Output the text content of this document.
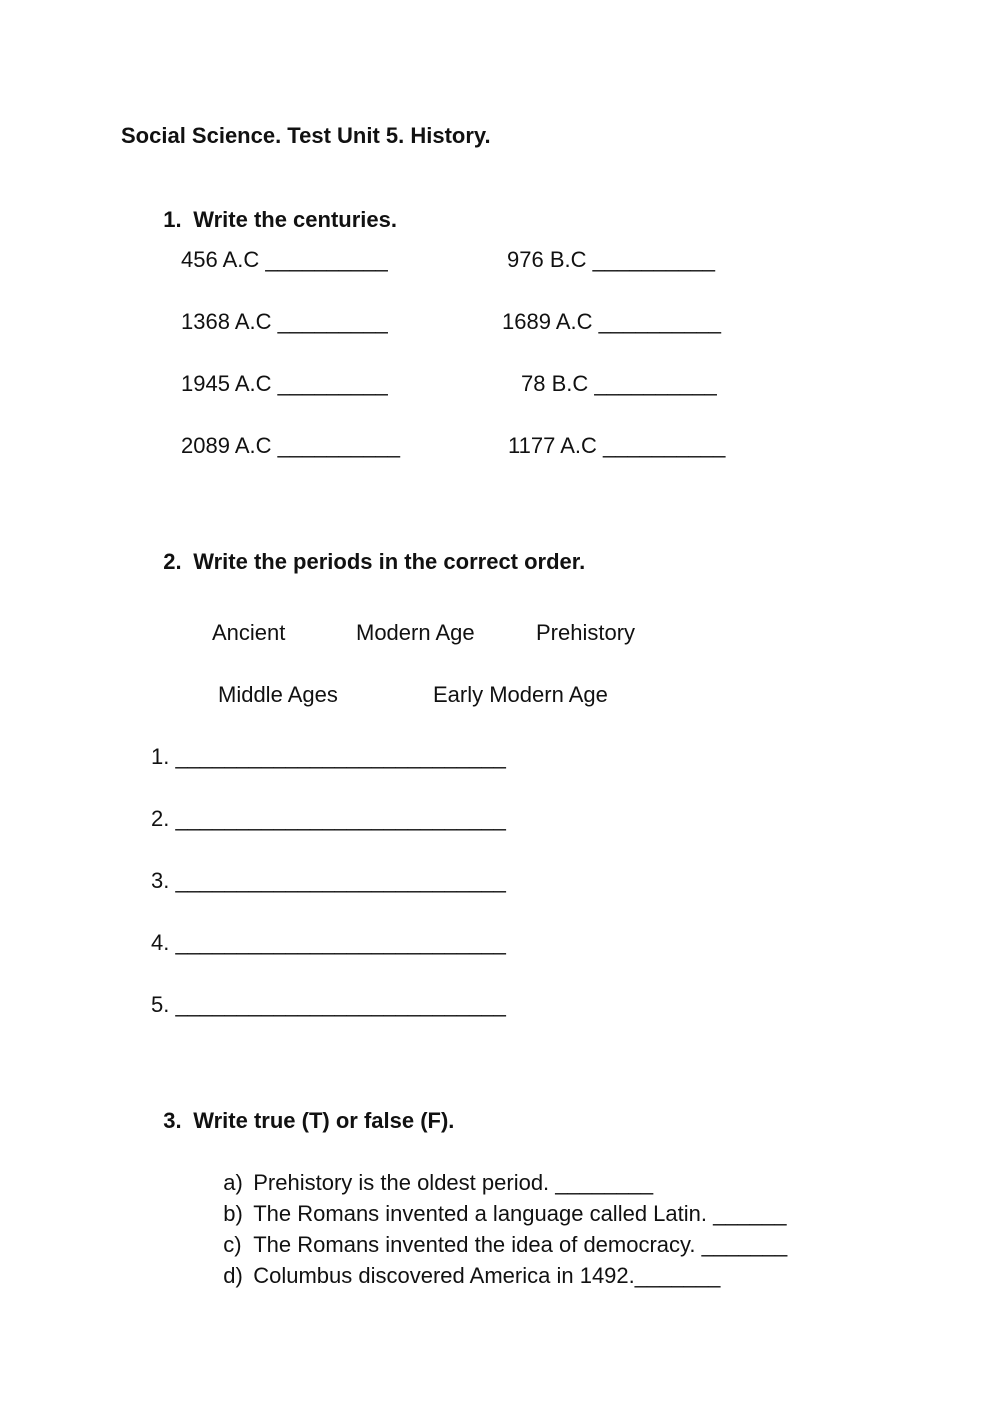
Social Science. Test Unit 5. History.

1. Write the centuries.

456 A.C __________	976 B.C __________
1368 A.C _________	1689 A.C __________
1945 A.C _________	78 B.C __________
2089 A.C __________	1177 A.C __________

2. Write the periods in the correct order.

Ancient	Modern Age	Prehistory
Middle Ages	Early Modern Age
1. ___________________________
2. ___________________________
3. ___________________________
4. ___________________________
5. ___________________________

3. Write true (T) or false (F).

a) Prehistory is the oldest period. ________

b) The Romans invented a language called Latin. ______

c) The Romans invented the idea of democracy. _______

d) Columbus discovered America in 1492._______
